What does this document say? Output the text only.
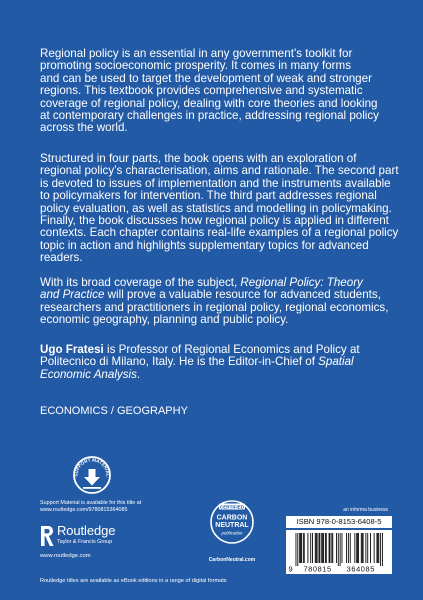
Regional policy is an essential in any government’s toolkit for
promoting socioeconomic prosperity. It comes in many forms
and can be used to target the development of weak and stronger
regions. This textbook provides comprehensive and systematic
coverage of regional policy, dealing with core theories and looking
at contemporary challenges in practice, addressing regional policy
across the world.
Structured in four parts, the book opens with an exploration of
regional policy’s characterisation, aims and rationale. The second part
is devoted to issues of implementation and the instruments available
to policymakers for intervention. The third part addresses regional
policy evaluation, as well as statistics and modelling in policymaking.
Finally, the book discusses how regional policy is applied in different
contexts. Each chapter contains real-life examples of a regional policy
topic in action and highlights supplementary topics for advanced
readers.
With its broad coverage of the subject, Regional Policy: Theory
and Practice will prove a valuable resource for advanced students,
researchers and practitioners in regional policy, regional economics,
economic geography, planning and public policy.
Ugo Fratesi is Professor of Regional Economics and Policy at
Politecnico di Milano, Italy. He is the Editor-in-Chief of Spatial
Economic Analysis.
ECONOMICS / GEOGRAPHY
SUPPORT MATERIAL
Support Material is available for this title at
www.routledge.com/9780815364085
Routledge
Taylor & Francis Group
www.routledge.com
CERTIFIED
CARBON
NEUTRAL
publication
CarbonNeutral.com
an informa business
ISBN 978-0-8153-6408-5
9 780815 364085
Routledge titles are available as eBook editions in a range of digital formats
